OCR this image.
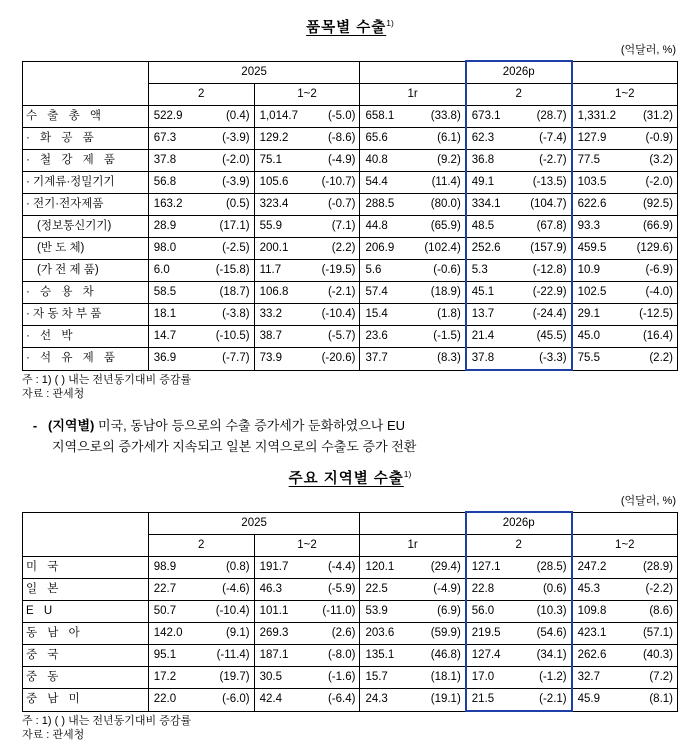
품목별 수출$^{1)}$
(억달러, %)
	2025			2026p	
	2	1~2	1r	2	1~2
수 출 총 액	522.9 (0.4)	1,014.7 (-5.0)	658.1 (33.8)	673.1 (28.7)	1,331.2 (31.2)

· 화 공 품	67.3 (-3.9)	129.2 (-8.6)	65.6 (6.1)	62.3 (-7.4)	127.9 (-0.9)

· 철 강 제 품	37.8 (-2.0)	75.1 (-4.9)	40.8 (9.2)	36.8 (-2.7)	77.5 (3.2)

· 기계류·정밀기기	56.8 (-3.9)	105.6 (-10.7)	54.4 (11.4)	49.1 (-13.5)	103.5 (-2.0)

· 전기·전자제품	163.2 (0.5)	323.4 (-0.7)	288.5 (80.0)	334.1 (104.7)	622.6 (92.5)

(정보통신기기)	28.9 (17.1)	55.9 (7.1)	44.8 (65.9)	48.5 (67.8)	93.3 (66.9)

(반 도 체)	98.0 (-2.5)	200.1 (2.2)	206.9 (102.4)	252.6 (157.9)	459.5 (129.6)

(가 전 제 품)	6.0 (-15.8)	11.7 (-19.5)	5.6 (-0.6)	5.3 (-12.8)	10.9 (-6.9)

· 승 용 차	58.5 (18.7)	106.8 (-2.1)	57.4 (18.9)	45.1 (-22.9)	102.5 (-4.0)

· 자 동 차 부 품	18.1 (-3.8)	33.2 (-10.4)	15.4 (1.8)	13.7 (-24.4)	29.1 (-12.5)

· 선 박	14.7 (-10.5)	38.7 (-5.7)	23.6 (-1.5)	21.4 (45.5)	45.0 (16.4)

· 석 유 제 품	36.9 (-7.7)	73.9 (-20.6)	37.7 (8.3)	37.8 (-3.3)	75.5 (2.2)
주 : 1) ( ) 내는 전년동기대비 증감률
자료 : 관세청
- (지역별) 미국, 동남아 등으로의 수출 증가세가 둔화하였으나 EU
지역으로의 증가세가 지속되고 일본 지역으로의 수출도 증가 전환
주요 지역별 수출$^{1)}$
(억달러, %)
	2025			2026p	
	2	1~2	1r	2	1~2
미 국	98.9 (0.8)	191.7 (-4.4)	120.1 (29.4)	127.1 (28.5)	247.2 (28.9)

일 본	22.7 (-4.6)	46.3 (-5.9)	22.5 (-4.9)	22.8 (0.6)	45.3 (-2.2)

E U	50.7 (-10.4)	101.1 (-11.0)	53.9 (6.9)	56.0 (10.3)	109.8 (8.6)

동 남 아	142.0 (9.1)	269.3 (2.6)	203.6 (59.9)	219.5 (54.6)	423.1 (57.1)

중 국	95.1 (-11.4)	187.1 (-8.0)	135.1 (46.8)	127.4 (34.1)	262.6 (40.3)

중 동	17.2 (19.7)	30.5 (-1.6)	15.7 (18.1)	17.0 (-1.2)	32.7 (7.2)

중 남 미	22.0 (-6.0)	42.4 (-6.4)	24.3 (19.1)	21.5 (-2.1)	45.9 (8.1)
주 : 1) ( ) 내는 전년동기대비 증감률
자료 : 관세청
